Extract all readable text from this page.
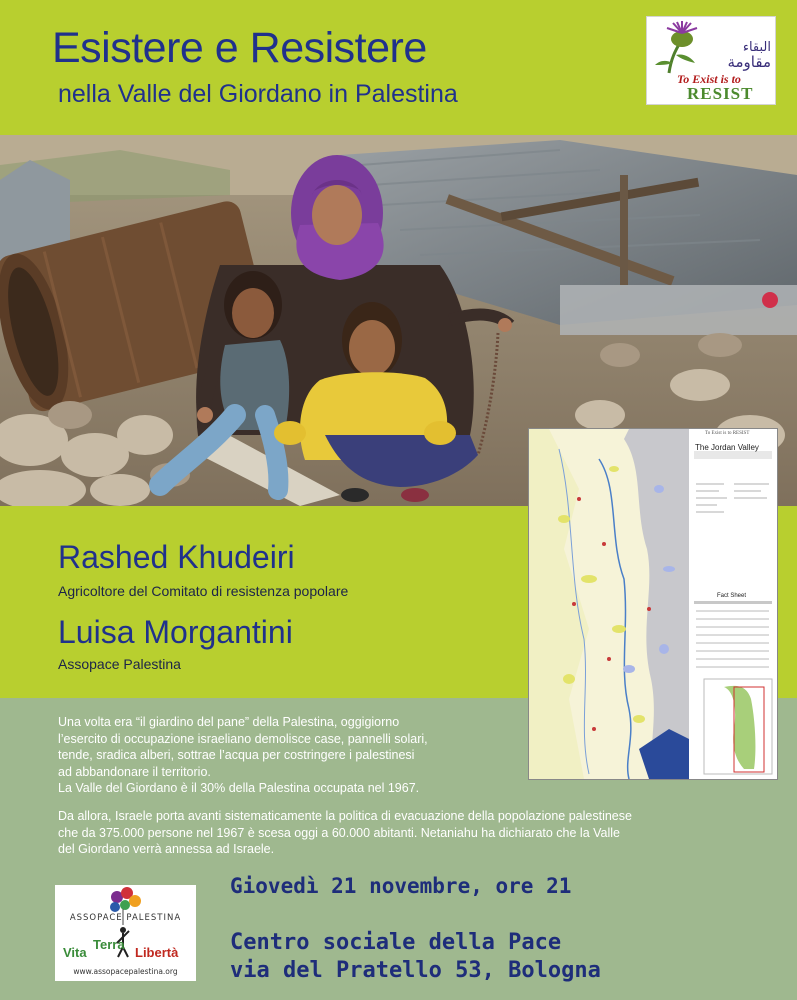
Esistere e Resistere
nella Valle del Giordano in Palestina
البقاء
مقاومة
To Exist is to
RESIST
Rashed Khudeiri
Agricoltore del Comitato di resistenza popolare
Luisa Morgantini
Assopace Palestina
The Jordan Valley
To Exist is to RESIST
Fact Sheet

Una volta era “il giardino del pane” della Palestina, oggigiorno

l’esercito di occupazione israeliano demolisce case, pannelli solari,

tende, sradica alberi, sottrae l’acqua per costringere i palestinesi

ad abbandonare il territorio.

La Valle del Giordano è il 30% della Palestina occupata nel 1967.

Da allora, Israele porta avanti sistematicamente la politica di evacuazione della popolazione palestinese

che da 375.000 persone nel 1967 è scesa oggi a 60.000 abitanti. Netaniahu ha dichiarato che la Valle

del Giordano verrà annessa ad Israele.

ASSOPACE PALESTINA
Vita
Terra
Libertà
www.assopacepalestina.org
Giovedì 21 novembre, ore 21
Centro sociale della Pace
via del Pratello 53, Bologna
